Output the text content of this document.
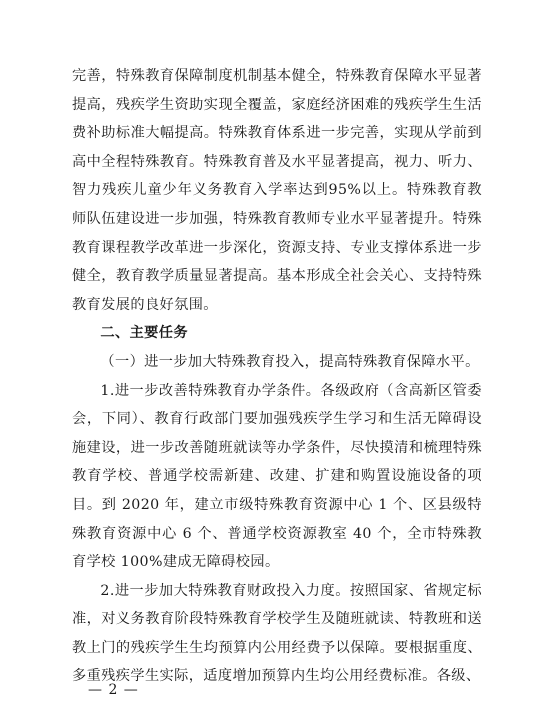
完善，特殊教育保障制度机制基本健全，特殊教育保障水平显著提高，残疾学生资助实现全覆盖，家庭经济困难的残疾学生生活费补助标准大幅提高。特殊教育体系进一步完善，实现从学前到高中全程特殊教育。特殊教育普及水平显著提高，视力、听力、智力残疾儿童少年义务教育入学率达到95%以上。特殊教育教师队伍建设进一步加强，特殊教育教师专业水平显著提升。特殊教育课程教学改革进一步深化，资源支持、专业支撑体系进一步健全，教育教学质量显著提高。基本形成全社会关心、支持特殊教育发展的良好氛围。

二、主要任务

（一）进一步加大特殊教育投入，提高特殊教育保障水平。

1.进一步改善特殊教育办学条件。各级政府（含高新区管委会，下同）、教育行政部门要加强残疾学生学习和生活无障碍设施建设，进一步改善随班就读等办学条件，尽快摸清和梳理特殊教育学校、普通学校需新建、改建、扩建和购置设施设备的项目。到 2020 年，建立市级特殊教育资源中心 1 个、区县级特殊教育资源中心 6 个、普通学校资源教室 40 个，全市特殊教育学校 100%建成无障碍校园。

2.进一步加大特殊教育财政投入力度。按照国家、省规定标准，对义务教育阶段特殊教育学校学生及随班就读、特教班和送教上门的残疾学生生均预算内公用经费予以保障。要根据重度、多重残疾学生实际，适度增加预算内生均公用经费标准。各级、

— 2 —
